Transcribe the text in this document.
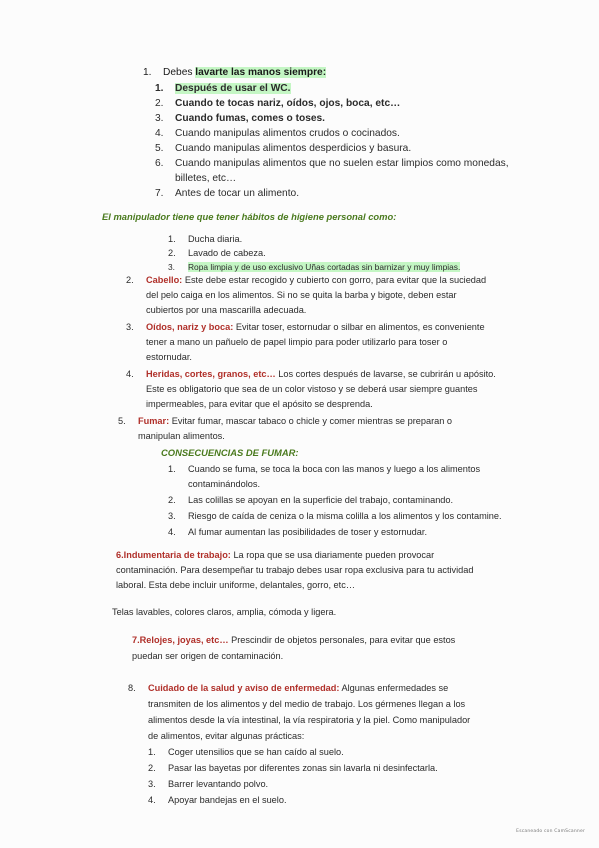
1. Debes lavarte las manos siempre:
1. Después de usar el WC.
2. Cuando te tocas nariz, oídos, ojos, boca, etc…
3. Cuando fumas, comes o toses.
4. Cuando manipulas alimentos crudos o cocinados.
5. Cuando manipulas alimentos desperdicios y basura.
6. Cuando manipulas alimentos que no suelen estar limpios como monedas,
billetes, etc…
7. Antes de tocar un alimento.
El manipulador tiene que tener hábitos de higiene personal como:
1. Ducha diaria.
2. Lavado de cabeza.
3. Ropa limpia y de uso exclusivo Uñas cortadas sin barnizar y muy limpias.
2. Cabello: Este debe estar recogido y cubierto con gorro, para evitar que la suciedad
del pelo caiga en los alimentos. Si no se quita la barba y bigote, deben estar
cubiertos por una mascarilla adecuada.
3. Oídos, nariz y boca: Evitar toser, estornudar o silbar en alimentos, es conveniente
tener a mano un pañuelo de papel limpio para poder utilizarlo para toser o
estornudar.
4. Heridas, cortes, granos, etc… Los cortes después de lavarse, se cubrirán u apósito.
Este es obligatorio que sea de un color vistoso y se deberá usar siempre guantes
impermeables, para evitar que el apósito se desprenda.
5. Fumar: Evitar fumar, mascar tabaco o chicle y comer mientras se preparan o
manipulan alimentos.
CONSECUENCIAS DE FUMAR:
1. Cuando se fuma, se toca la boca con las manos y luego a los alimentos
contaminándolos.
2. Las colillas se apoyan en la superficie del trabajo, contaminando.
3. Riesgo de caída de ceniza o la misma colilla a los alimentos y los contamine.
4. Al fumar aumentan las posibilidades de toser y estornudar.
6.Indumentaria de trabajo: La ropa que se usa diariamente pueden provocar
contaminación. Para desempeñar tu trabajo debes usar ropa exclusiva para tu actividad
laboral. Esta debe incluir uniforme, delantales, gorro, etc…
Telas lavables, colores claros, amplia, cómoda y ligera.
7.Relojes, joyas, etc… Prescindir de objetos personales, para evitar que estos
puedan ser origen de contaminación.
8. Cuidado de la salud y aviso de enfermedad: Algunas enfermedades se
transmiten de los alimentos y del medio de trabajo. Los gérmenes llegan a los
alimentos desde la vía intestinal, la vía respiratoria y la piel. Como manipulador
de alimentos, evitar algunas prácticas:
1. Coger utensilios que se han caído al suelo.
2. Pasar las bayetas por diferentes zonas sin lavarla ni desinfectarla.
3. Barrer levantando polvo.
4. Apoyar bandejas en el suelo.
Escaneado con CamScanner
